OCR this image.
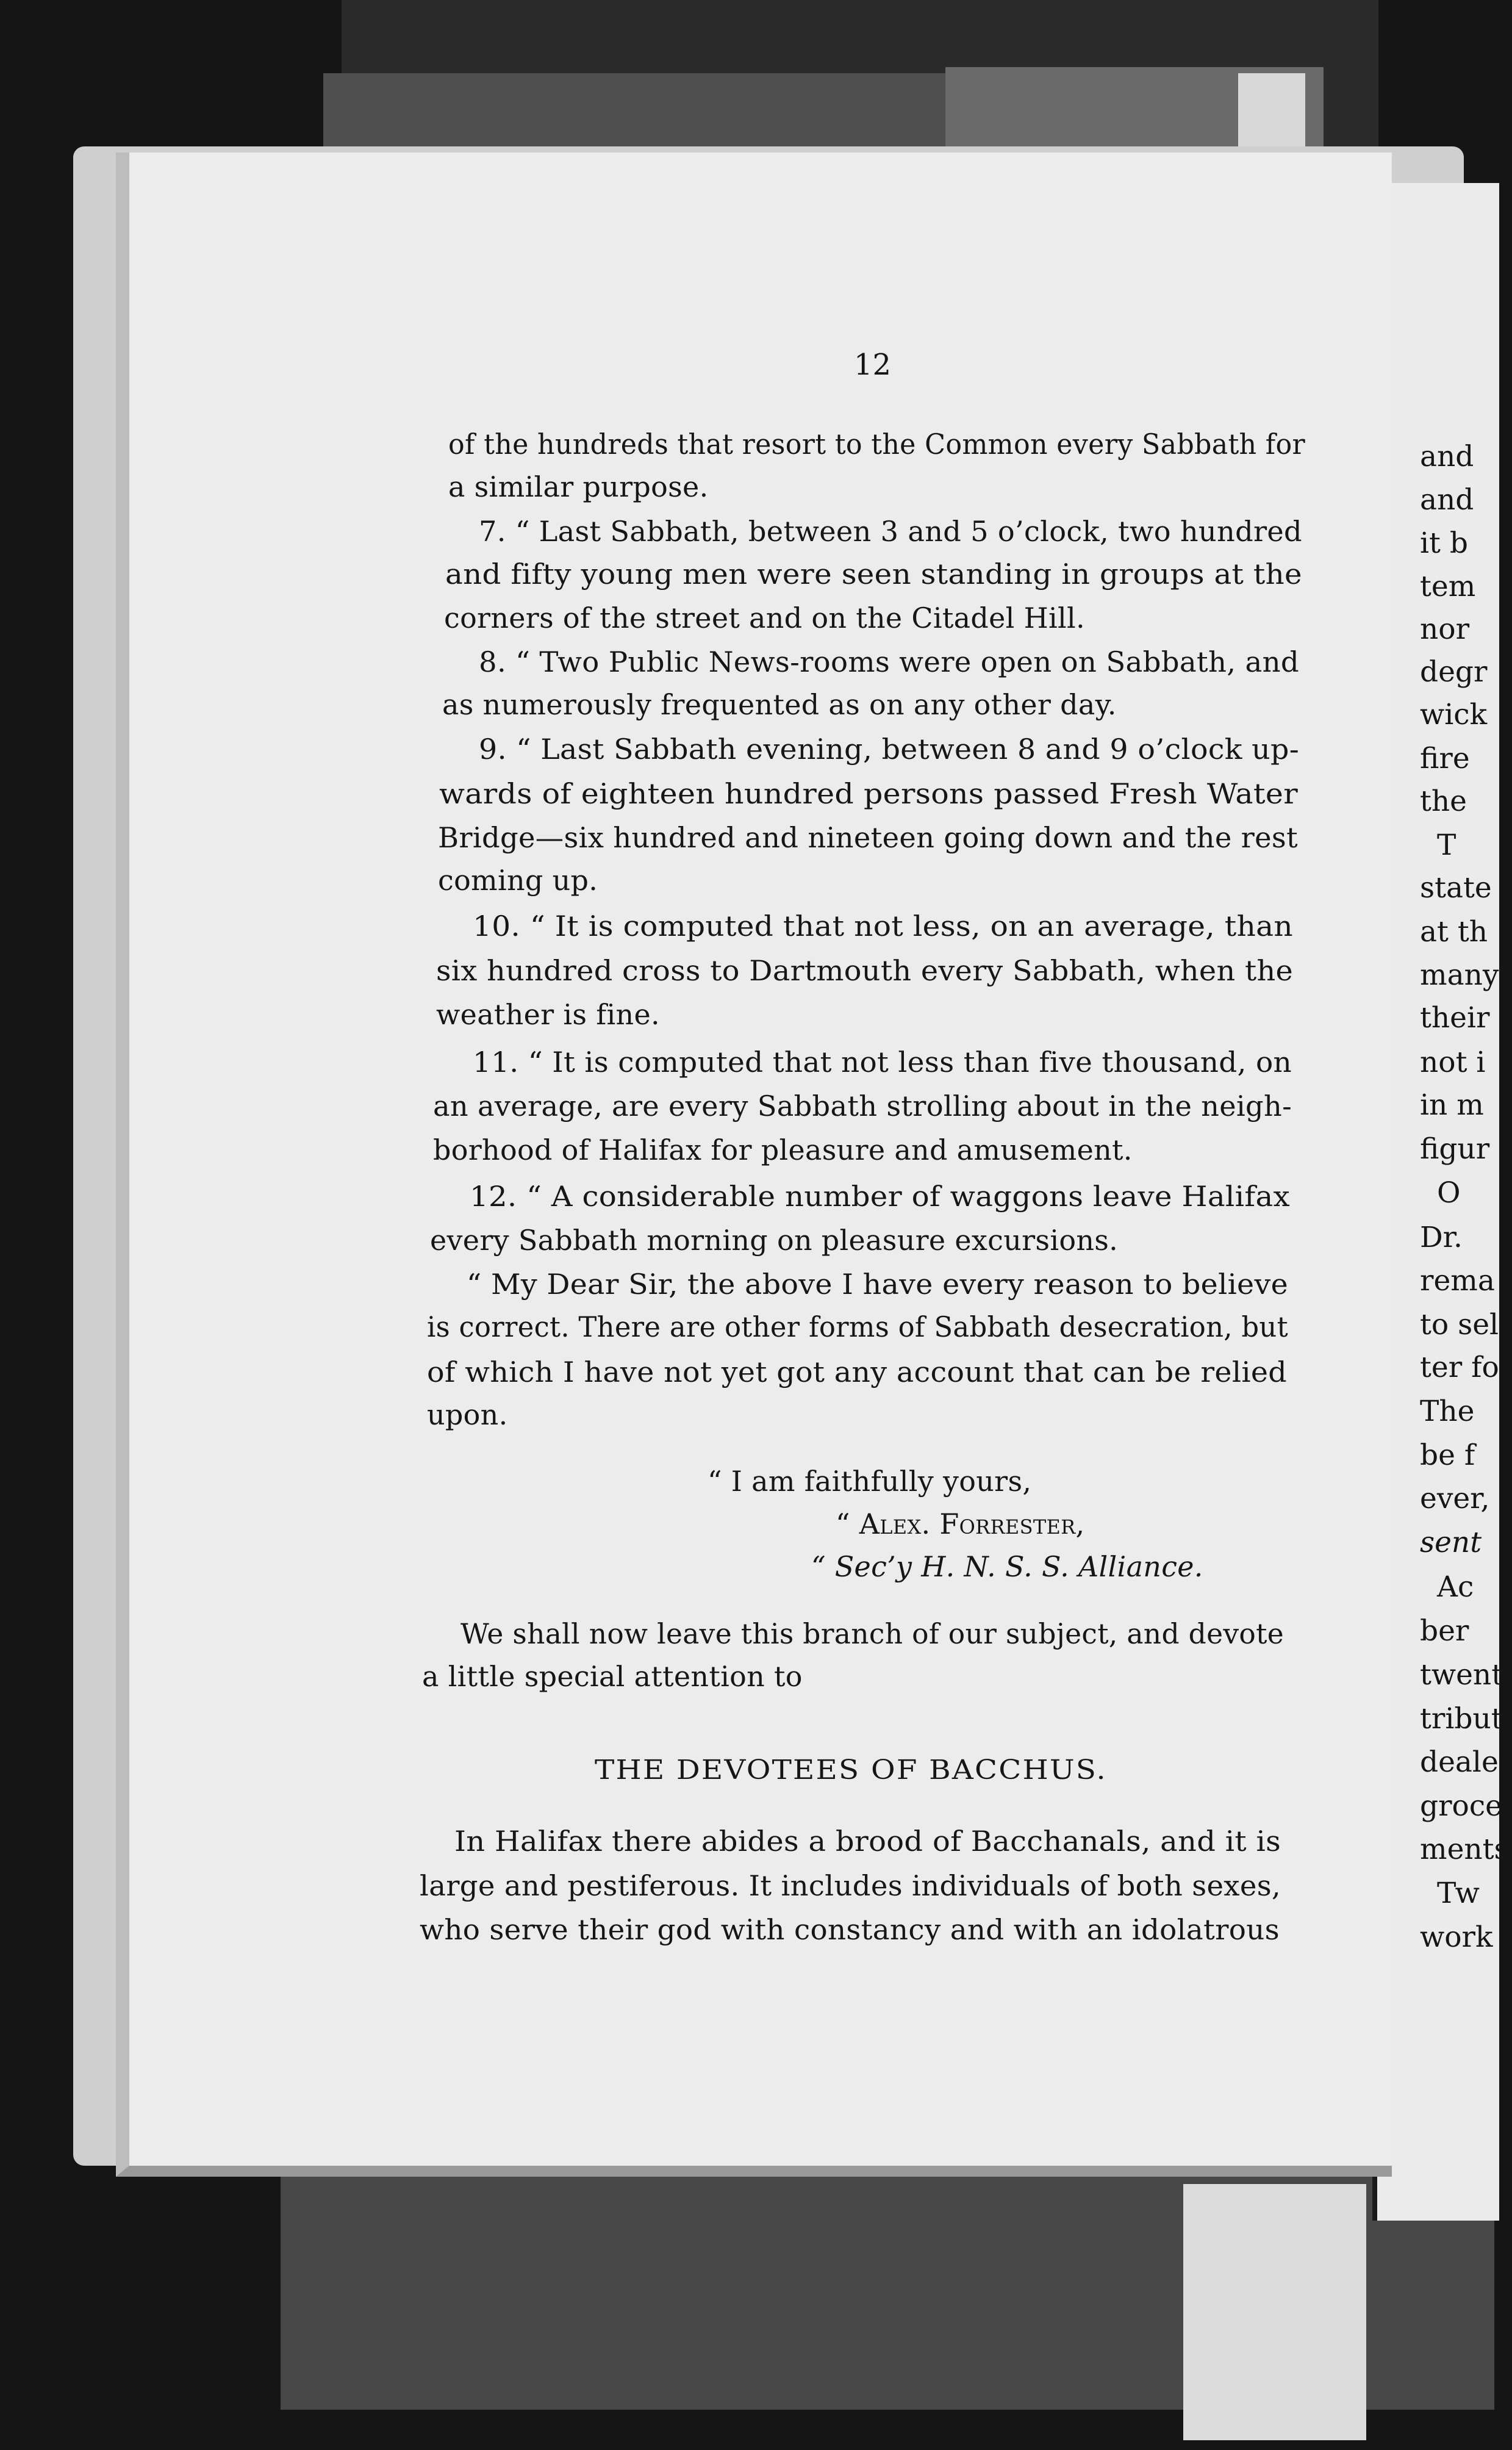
and
and
it b
tem
nor
degr
wick
fire
the
T
state
at th
many
their
not i
in m
figur
O
Dr.
rema
to sel
ter fo
The
be f
ever,
sent
Ac
ber
twent
tribut
dealer
groce
ments
Tw
work
12
of the hundreds that resort to the Common every Sabbath for
a similar purpose.
7. “ Last Sabbath, between 3 and 5 o’clock, two hundred
and fifty young men were seen standing in groups at the
corners of the street and on the Citadel Hill.
8. “ Two Public News-rooms were open on Sabbath, and
as numerously frequented as on any other day.
9. “ Last Sabbath evening, between 8 and 9 o’clock up-
wards of eighteen hundred persons passed Fresh Water
Bridge—six hundred and nineteen going down and the rest
coming up.
10. “ It is computed that not less, on an average, than
six hundred cross to Dartmouth every Sabbath, when the
weather is fine.
11. “ It is computed that not less than five thousand, on
an average, are every Sabbath strolling about in the neigh-
borhood of Halifax for pleasure and amusement.
12. “ A considerable number of waggons leave Halifax
every Sabbath morning on pleasure excursions.
“ My Dear Sir, the above I have every reason to believe
is correct. There are other forms of Sabbath desecration, but
of which I have not yet got any account that can be relied
upon.
“ I am faithfully yours,
“ Alex. Forrester,
“ Sec’y H. N. S. S. Alliance.
We shall now leave this branch of our subject, and devote
a little special attention to
THE DEVOTEES OF BACCHUS.
In Halifax there abides a brood of Bacchanals, and it is
large and pestiferous. It includes individuals of both sexes,
who serve their god with constancy and with an idolatrous
